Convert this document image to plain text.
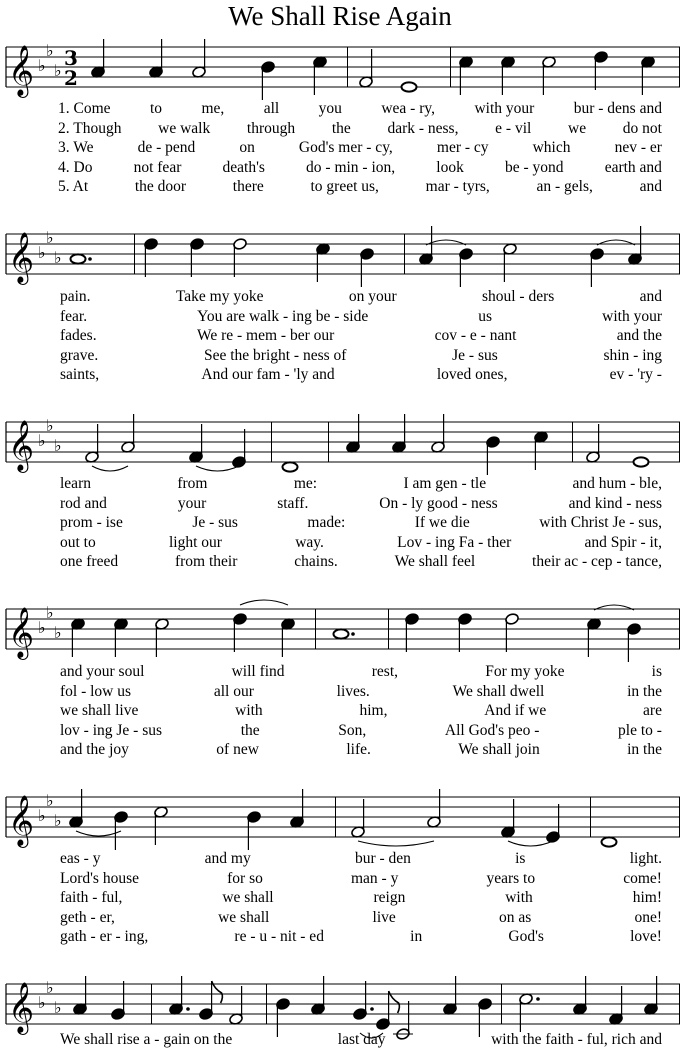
We Shall Rise Again
𝄞 ♭
♭
♭
𝄞 ♭
♭
♭
𝄞 ♭
♭
♭
𝄞 ♭
♭
♭
𝄞 ♭
♭
♭
𝄞 ♭
♭
♭
3
2
1. Come	to	me,	all	you	wea - ry,	with your	bur - dens and
2. Though we walk through the dark - ness, e - vil we do not
3. We	de - pend	on	God's mer - cy,	mer - cy	which	nev - er
4. Do	not fear	death's	do - min - ion,	look	be - yond	earth and
5. At	the door	there	to greet us,	mar - tyrs,	an - gels,	and
pain.	Take my yoke	on your	shoul - ders	and
fear.	You are walk - ing be - side	us	with your
fades.	We re - mem - ber our	cov - e - nant	and the
grave.	See the bright - ness of	Je - sus	shin - ing
saints,	And our fam - 'ly and	loved ones,	ev - 'ry -
learn	from	me:	I am gen - tle	and hum - ble,
rod and	your	staff.	On - ly good - ness	and kind - ness
prom - ise	Je - sus	made:	If we die	with Christ Je - sus,
out to	light our	way.	Lov - ing Fa - ther	and Spir - it,
one freed	from their	chains.	We shall feel	their ac - cep - tance,
and your soul	will find	rest,	For my yoke	is
fol - low us	all our	lives.	We shall dwell	in the
we shall live	with	him,	And if we	are
lov - ing Je - sus	the	Son,	All God's peo -	ple to -
and the joy	of new	life.	We shall join	in the
eas - y	and my	bur - den	is	light.
Lord's house	for so	man - y	years to	come!
faith - ful,	we shall	reign	with	him!
geth - er,	we shall	live	on as	one!
gath - er - ing,	re - u - nit - ed	in	God's	love!
We shall rise a - gain on the	last day	with the faith - ful, rich and
